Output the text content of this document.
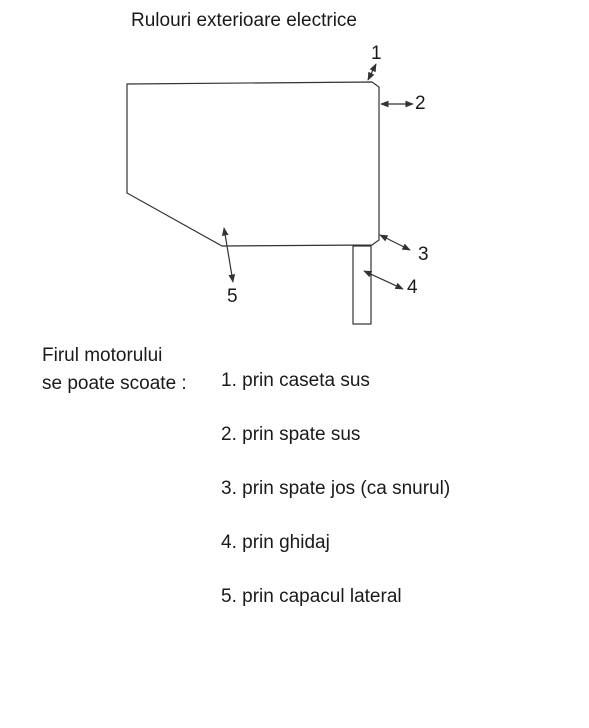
Rulouri exterioare electrice
1
2
3
4
5
Firul motorului
se poate scoate : 1. prin caseta sus
2. prin spate sus
3. prin spate jos (ca snurul)
4. prin ghidaj
5. prin capacul lateral
